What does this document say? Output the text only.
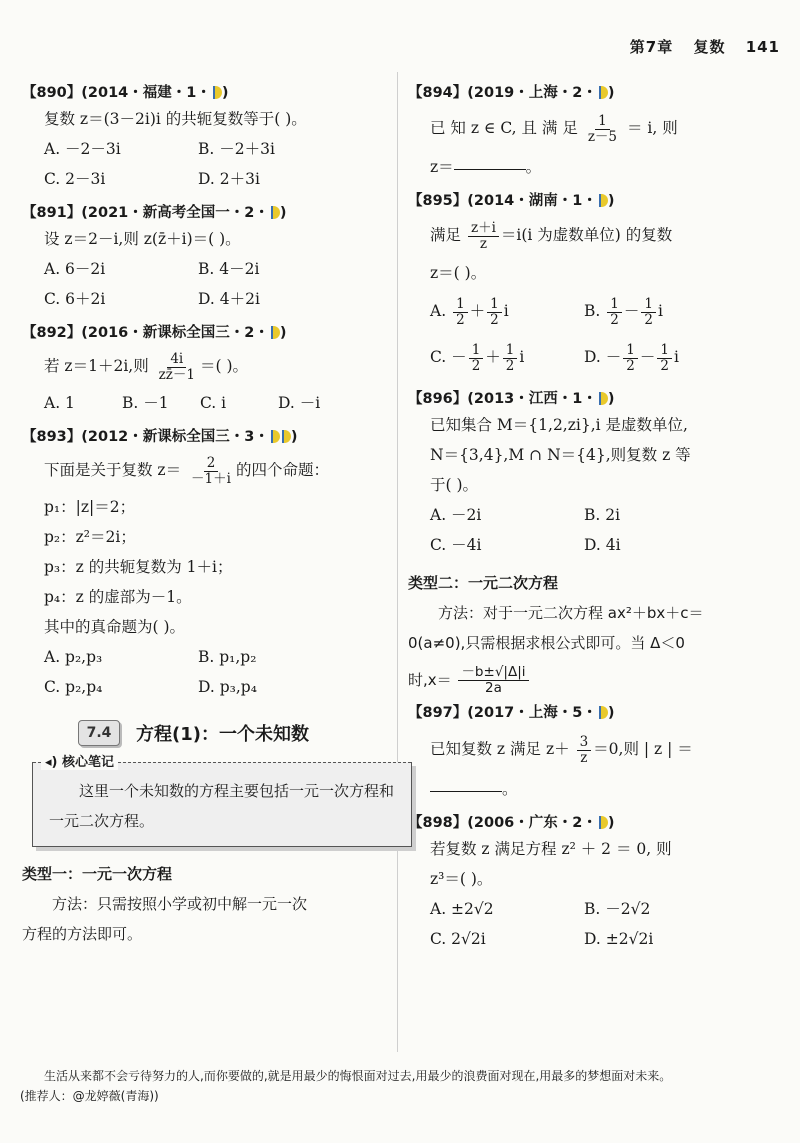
第7章 复数 141
【890】(2014・福建・1・ )
复数 z＝(3－2i)i 的共轭复数等于( )。
A. －2－3i	B. －2＋3i
C. 2－3i	D. 2＋3i
【891】(2021・新高考全国一・2・ )
设 z＝2－i,则 z(z̄＋i)＝( )。
A. 6－2i	B. 4－2i
C. 6＋2i	D. 4＋2i
【892】(2016・新课标全国三・2・ )
若 z＝1＋2i,则 $\frac{4i}{zz̄-1}$ ＝( )。
A. 1	B. －1	C. i	D. －i
【893】(2012・新课标全国三・3・ )
下面是关于复数 $z= \frac{2}{-1+i}$ 的四个命题：
p₁：|z|＝2；
p₂：z²＝2i；
p₃：z 的共轭复数为 1＋i；
p₄：z 的虚部为－1。
其中的真命题为( )。
A. p₂,p₃	B. p₁,p₂
C. p₂,p₄	D. p₃,p₄
7.4	方程(1)：一个未知数
◂) 核心笔记
这里一个未知数的方程主要包括一元一次方程和一元二次方程。
类型一：一元一次方程
方法：只需按照小学或初中解一元一次
方程的方法即可。
【894】(2019・上海・2・ )
已 知 z ∈ C, 且 满 足 $\frac{1}{z-5} = i$, 则
z＝	。
【895】(2014・湖南・1・ )
满足 $\frac{z+i}{z} =i(i$ 为虚数单位) 的复数
z＝( )。
A. $\frac{1}{2} + \frac{1}{2}$ i	B. $\frac{1}{2} - \frac{1}{2}$ i
C. － $\frac{1}{2} + \frac{1}{2}$ i	D. － $\frac{1}{2} - \frac{1}{2}$ i
【896】(2013・江西・1・ )
已知集合 M＝{1,2,zi},i 是虚数单位,
N＝{3,4},M ∩ N＝{4},则复数 z 等
于( )。
A. －2i	B. 2i
C. －4i	D. 4i
类型二：一元二次方程
方法：对于一元二次方程 ax²＋bx＋c＝
0(a≠0),只需根据求根公式即可。当 Δ＜0
时$,x= \frac{-b\pm√|\Delta|i}{2a}$
【897】(2017・上海・5・ )
已知复数 z 满足 $z+ \frac{3}{z} =0$,则 | z | ＝
。
【898】(2006・广东・2・ )
若复数 z 满足方程 z² ＋ 2 ＝ 0, 则
z³＝( )。
A. ±2√2	B. －2√2
C. 2√2i	D. ±2√2i
生活从来都不会亏待努力的人,而你要做的,就是用最少的悔恨面对过去,用最少的浪费面对现在,用最多的梦想面对未来。
(推荐人：@龙婷薇(青海))
